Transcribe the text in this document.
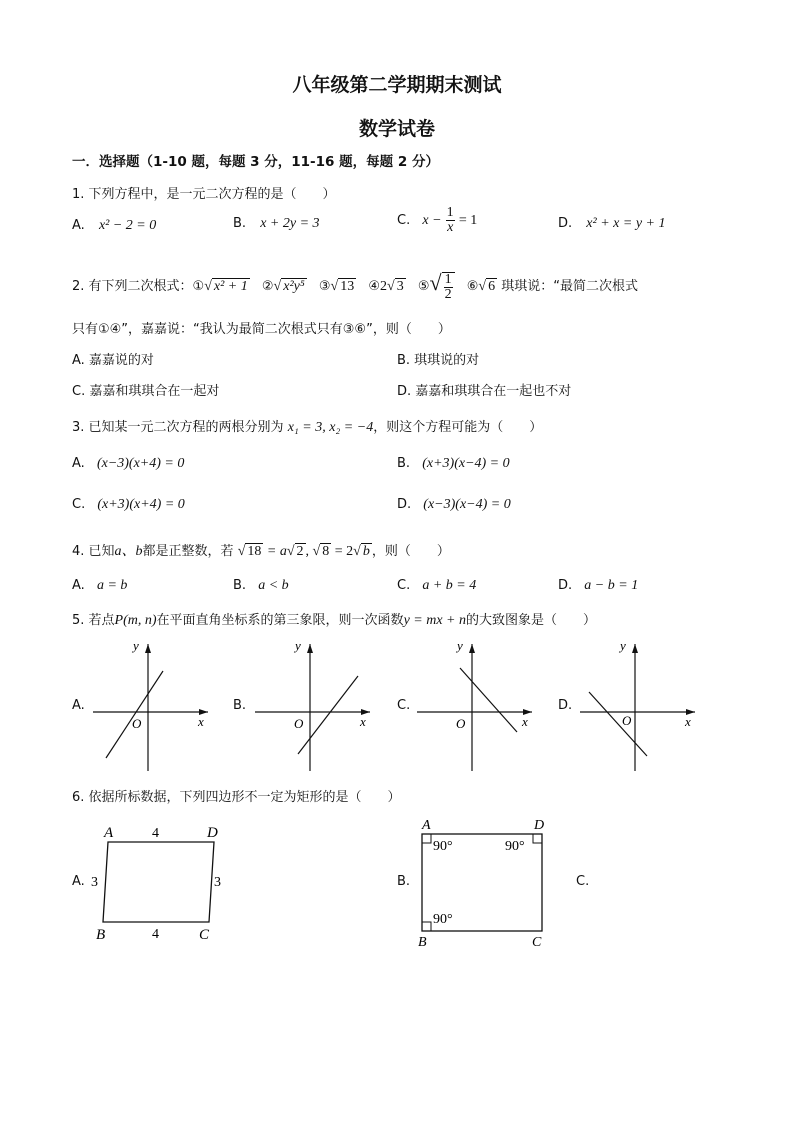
八年级第二学期期末测试
数学试卷
一．选择题（1-10 题，每题 3 分，11-16 题，每题 2 分）
1. 下列方程中，是一元二次方程的是（　　）
A. x² − 2 = 0	B. x + 2y = 3	C. $x - \frac{1}{x} = 1$	D. x² + x = y + 1
2. 有下列二次根式：①√ x² + 1 ②√ x²y⁵ ③√ 13 ④2√ 3 ⑤√ $\frac{1}{2}$ ⑥√ 6 琪琪说：“最简二次根式
只有①④”，嘉嘉说：“我认为最简二次根式只有③⑥”，则（　　）
A. 嘉嘉说的对	B. 琪琪说的对
C. 嘉嘉和琪琪合在一起对	D. 嘉嘉和琪琪合在一起也不对
3. 已知某一元二次方程的两根分别为 x₁ = 3, x₂ = −4，则这个方程可能为（　　）
A. (x−3)(x+4) = 0	B. (x+3)(x−4) = 0
C. (x+3)(x+4) = 0	D. (x−3)(x−4) = 0
4. 已知a、b都是正整数，若 √ 18 = a√ 2 , √ 8 = 2√ b ，则（　　）
A. a = b	B. a < b	C. a + b = 4	D. a − b = 1
5. 若点P(m, n)在平面直角坐标系的第三象限，则一次函数y = mx + n的大致图象是（　　）
A.	B.	C.	D.
y
x
O
y
x
O
y
x
O
y
x
O
6. 依据所标数据，下列四边形不一定为矩形的是（　　）
A.	B.	C.
A	D
B	C
4
4
3	3
A	D
B	C
90°	90°
90°
